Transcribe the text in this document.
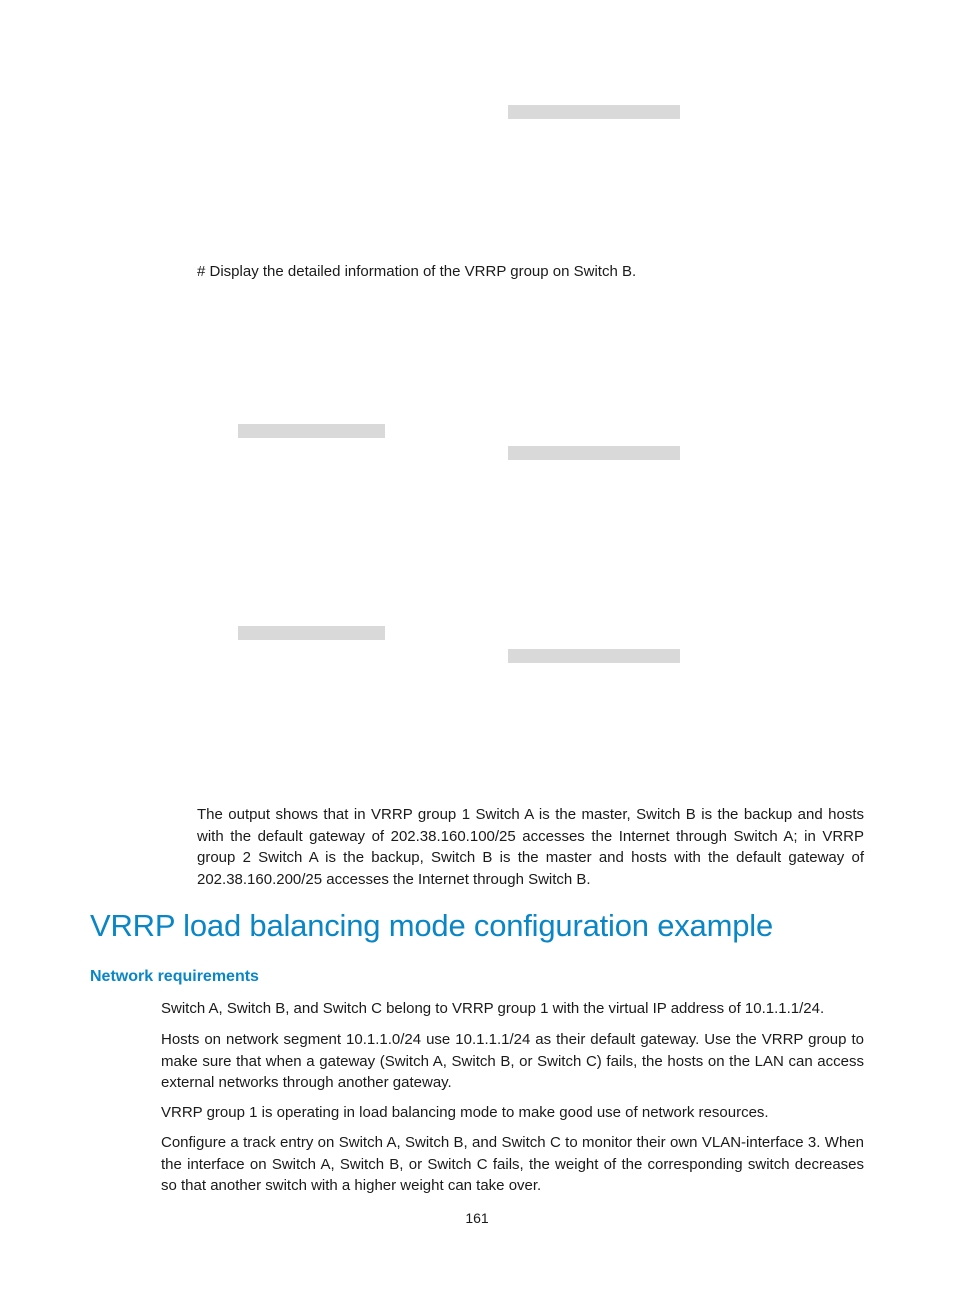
# Display the detailed information of the VRRP group on Switch B.

The output shows that in VRRP group 1 Switch A is the master, Switch B is the backup and hosts with the default gateway of 202.38.160.100/25 accesses the Internet through Switch A; in VRRP group 2 Switch A is the backup, Switch B is the master and hosts with the default gateway of 202.38.160.200/25 accesses the Internet through Switch B.

VRRP load balancing mode configuration example
Network requirements

Switch A, Switch B, and Switch C belong to VRRP group 1 with the virtual IP address of 10.1.1.1/24.

Hosts on network segment 10.1.1.0/24 use 10.1.1.1/24 as their default gateway. Use the VRRP group to make sure that when a gateway (Switch A, Switch B, or Switch C) fails, the hosts on the LAN can access external networks through another gateway.

VRRP group 1 is operating in load balancing mode to make good use of network resources.

Configure a track entry on Switch A, Switch B, and Switch C to monitor their own VLAN-interface 3. When the interface on Switch A, Switch B, or Switch C fails, the weight of the corresponding switch decreases so that another switch with a higher weight can take over.

161
